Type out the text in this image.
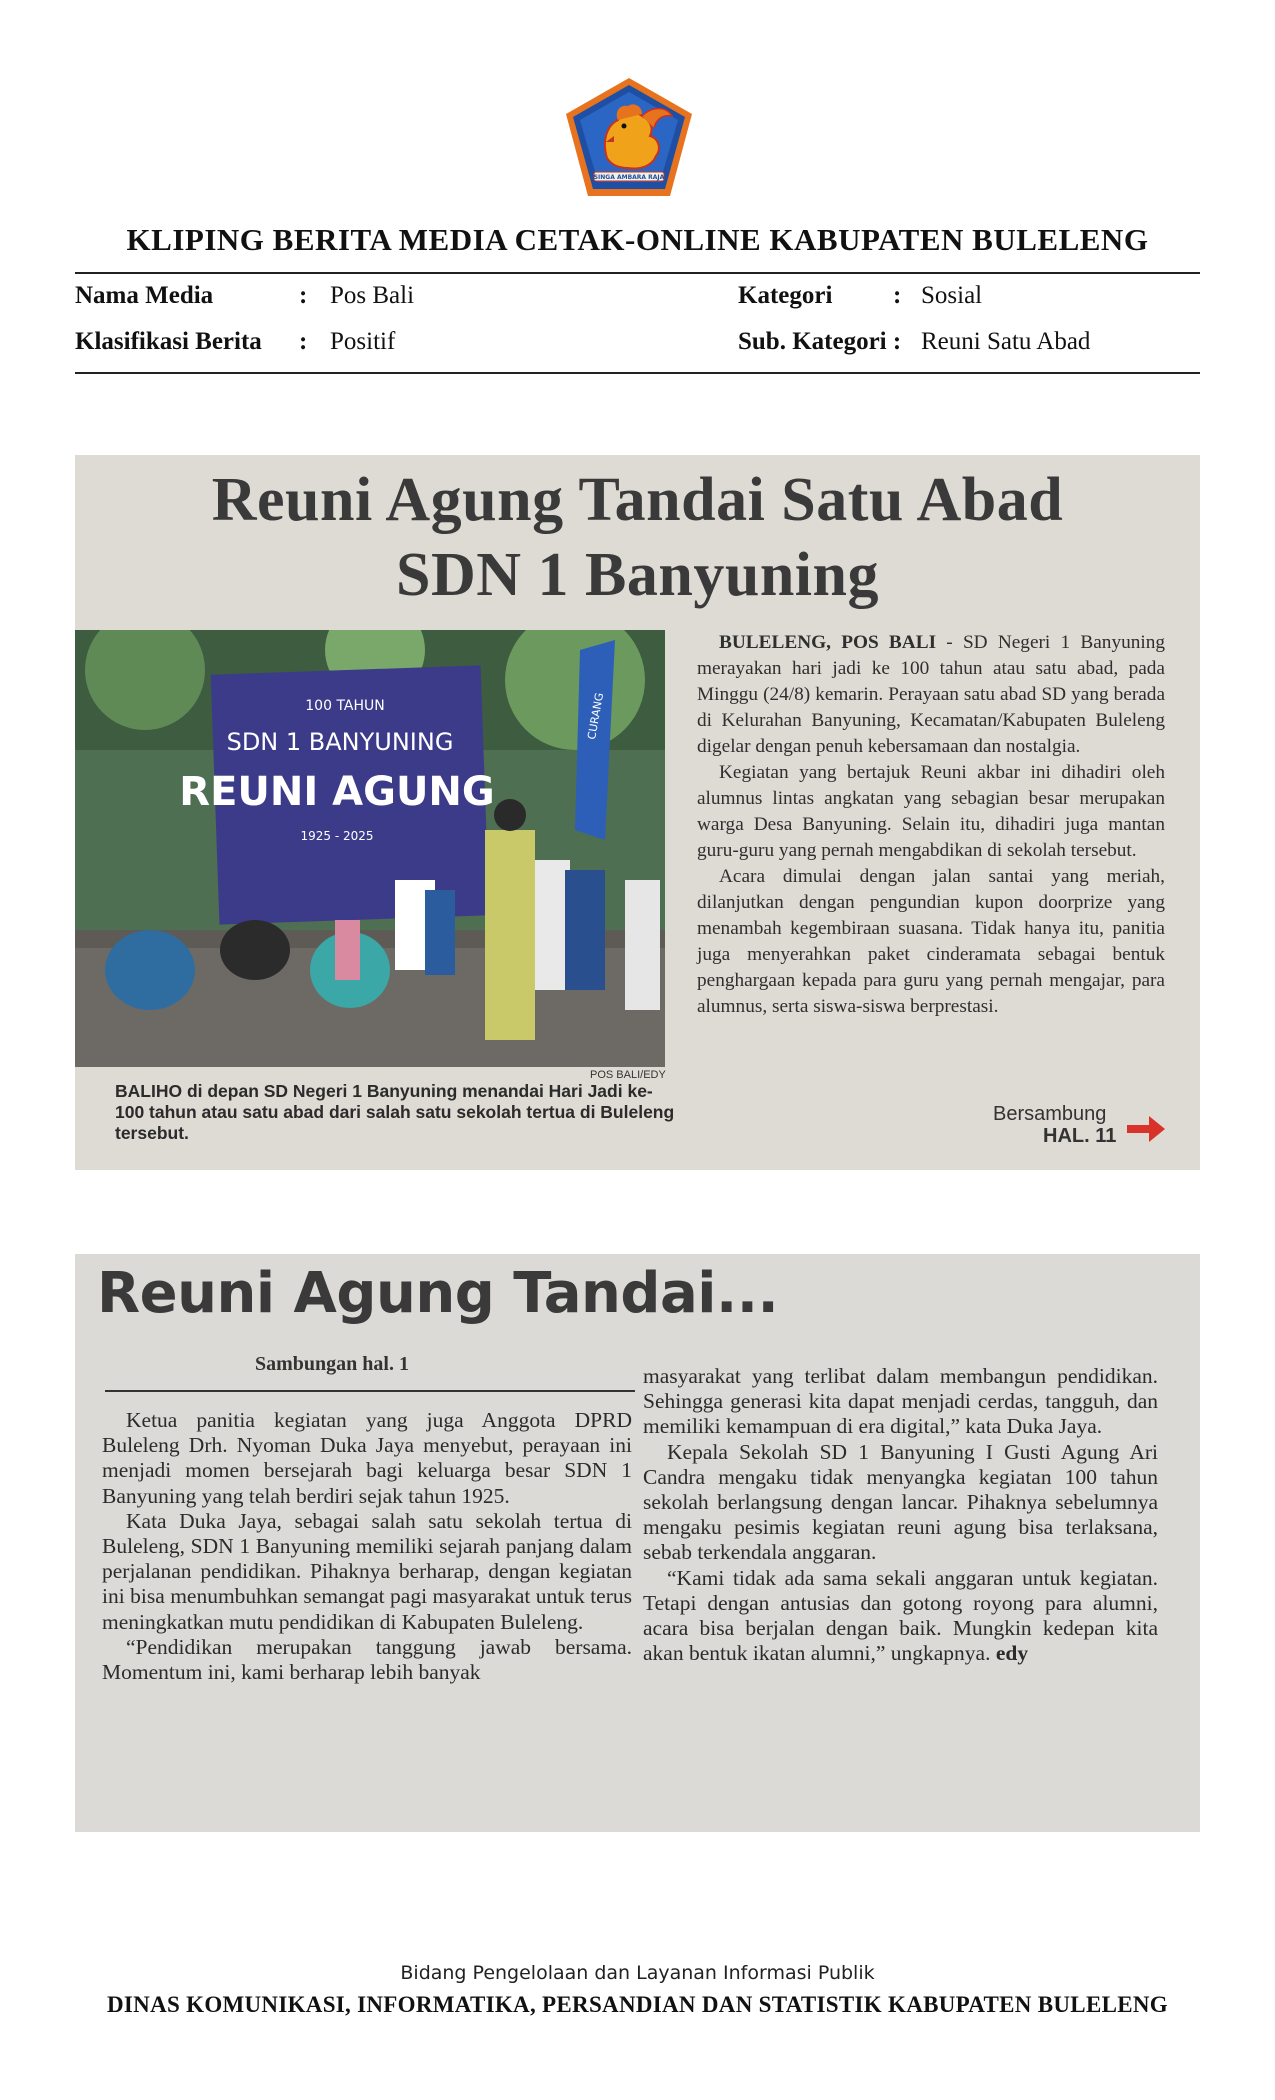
SINGA AMBARA RAJA
KLIPING BERITA MEDIA CETAK-ONLINE KABUPATEN BULELENG
Nama Media	: Pos Bali	Kategori : Sosial
Klasifikasi Berita : Positif	Sub. Kategori : Reuni Satu Abad
Reuni Agung Tandai Satu Abad
SDN 1 Banyuning
100 TAHUN
SDN 1 BANYUNING
REUNI AGUNG
1925 - 2025
CURANG
POS BALI/EDY
BALIHO di depan SD Negeri 1 Banyuning menandai Hari Jadi ke-100 tahun atau satu abad dari salah satu sekolah tertua di Buleleng tersebut.

BULELENG, POS BALI - SD Negeri 1 Banyuning merayakan hari jadi ke 100 tahun atau satu abad, pada Minggu (24/8) kemarin. Perayaan satu abad SD yang berada di Kelurahan Banyuning, Kecamatan/Kabupaten Buleleng digelar dengan penuh kebersamaan dan nostalgia.

Kegiatan yang bertajuk Reuni akbar ini dihadiri oleh alumnus lintas angkatan yang sebagian besar merupakan warga Desa Banyuning. Selain itu, dihadiri juga mantan guru-guru yang pernah mengabdikan di sekolah tersebut.

Acara dimulai dengan jalan santai yang meriah, dilanjutkan dengan pengundian kupon doorprize yang menambah kegembiraan suasana. Tidak hanya itu, panitia juga menyerahkan paket cinderamata sebagai bentuk penghargaan kepada para guru yang pernah mengajar, para alumnus, serta siswa-siswa berprestasi.

Bersambung
HAL. 11
Reuni Agung Tandai...
Sambungan hal. 1

Ketua panitia kegiatan yang juga Anggota DPRD Buleleng Drh. Nyoman Duka Jaya menyebut, perayaan ini menjadi momen bersejarah bagi keluarga besar SDN 1 Banyuning yang telah berdiri sejak tahun 1925.

Kata Duka Jaya, sebagai salah satu sekolah tertua di Buleleng, SDN 1 Banyuning memiliki sejarah panjang dalam perjalanan pendidikan. Pihaknya berharap, dengan kegiatan ini bisa menumbuhkan semangat pagi masyarakat untuk terus meningkatkan mutu pendidikan di Kabupaten Buleleng.

“Pendidikan merupakan tanggung jawab bersama. Momentum ini, kami berharap lebih banyak

masyarakat yang terlibat dalam membangun pendidikan. Sehingga generasi kita dapat menjadi cerdas, tangguh, dan memiliki kemampuan di era digital,” kata Duka Jaya.

Kepala Sekolah SD 1 Banyuning I Gusti Agung Ari Candra mengaku tidak menyangka kegiatan 100 tahun sekolah berlangsung dengan lancar. Pihaknya sebelumnya mengaku pesimis kegiatan reuni agung bisa terlaksana, sebab terkendala anggaran.

“Kami tidak ada sama sekali anggaran untuk kegiatan. Tetapi dengan antusias dan gotong royong para alumni, acara bisa berjalan dengan baik. Mungkin kedepan kita akan bentuk ikatan alumni,” ungkapnya. edy

Bidang Pengelolaan dan Layanan Informasi Publik
DINAS KOMUNIKASI, INFORMATIKA, PERSANDIAN DAN STATISTIK KABUPATEN BULELENG
